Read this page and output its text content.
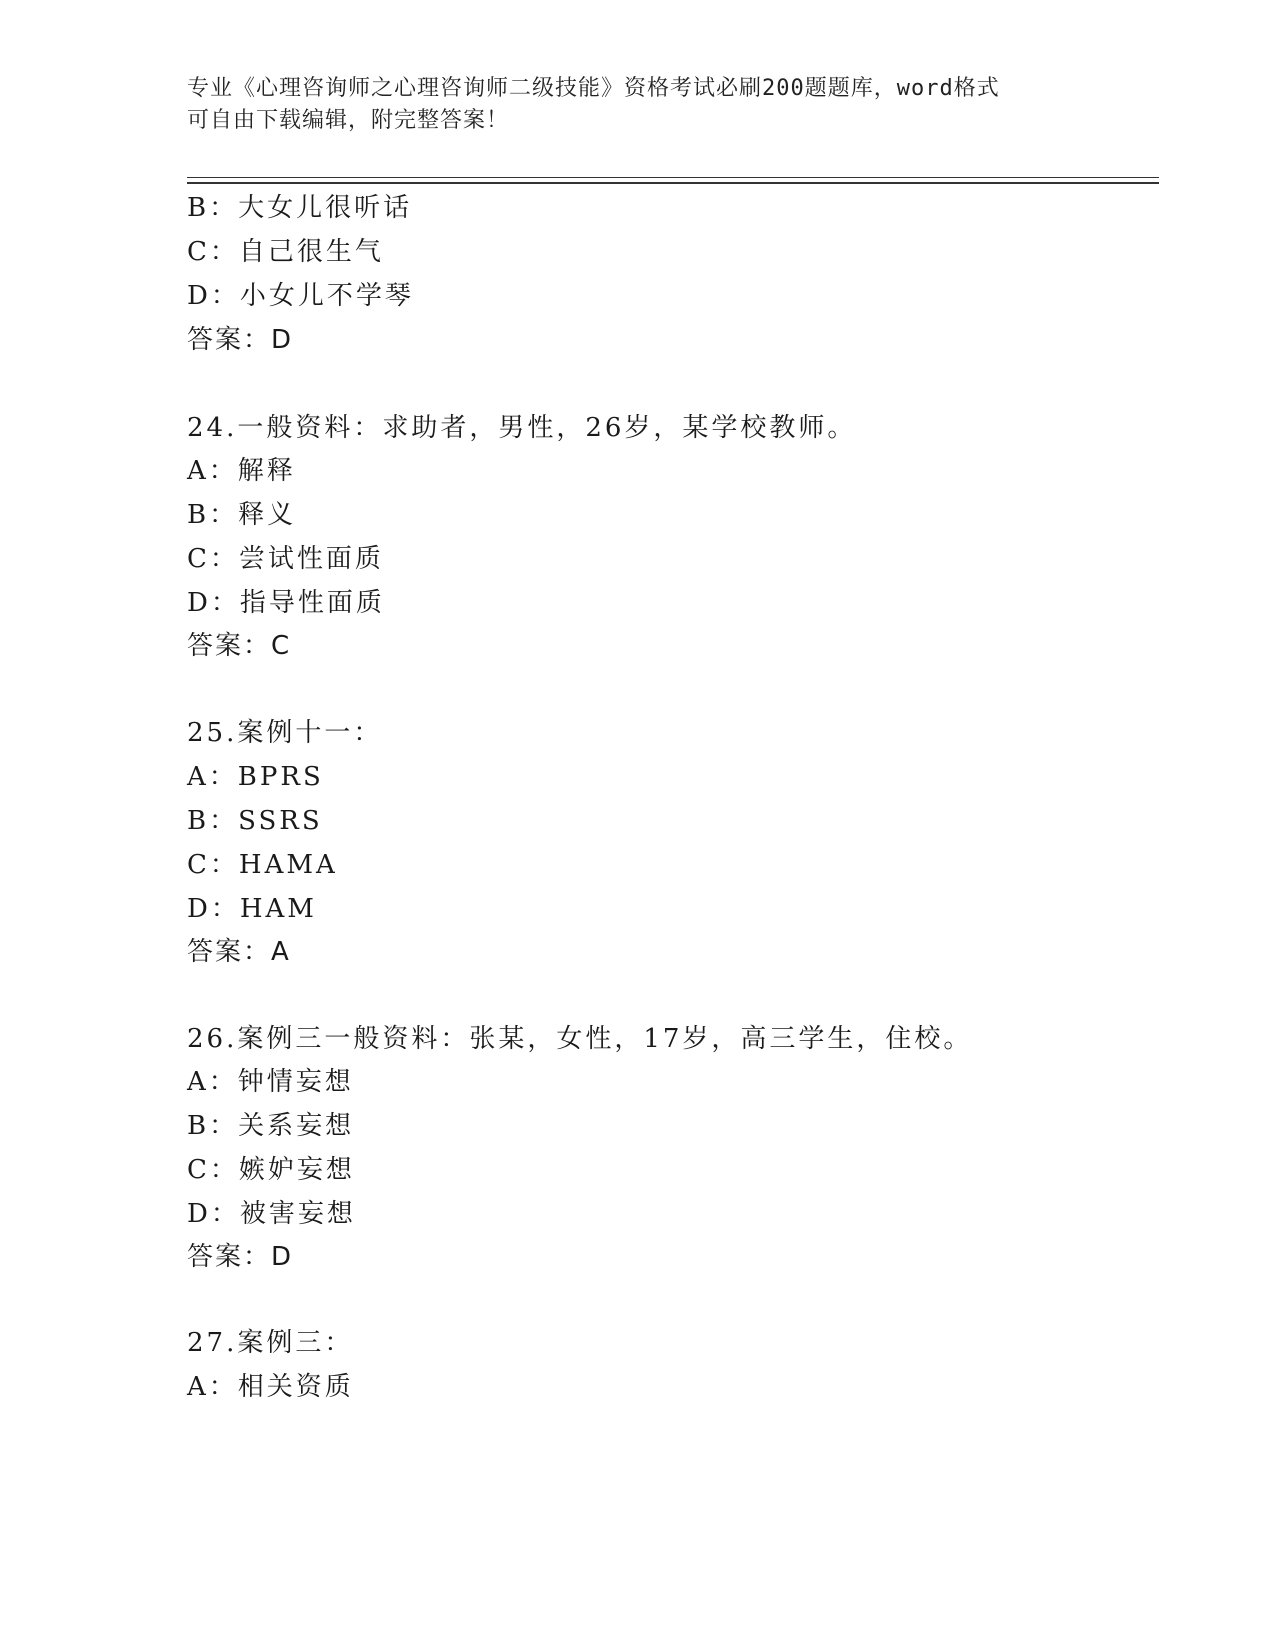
专业《心理咨询师之心理咨询师二级技能》资格考试必刷200题题库，word格式
可自由下载编辑，附完整答案！
B：大女儿很听话
C：自己很生气
D：小女儿不学琴
答案：D
24.一般资料：求助者，男性，26岁，某学校教师。
A：解释
B：释义
C：尝试性面质
D：指导性面质
答案：C
25.案例十一：
A：BPRS
B：SSRS
C：HAMA
D：HAM
答案：A
26.案例三一般资料：张某，女性，17岁，高三学生，住校。
A：钟情妄想
B：关系妄想
C：嫉妒妄想
D：被害妄想
答案：D
27.案例三：
A：相关资质
